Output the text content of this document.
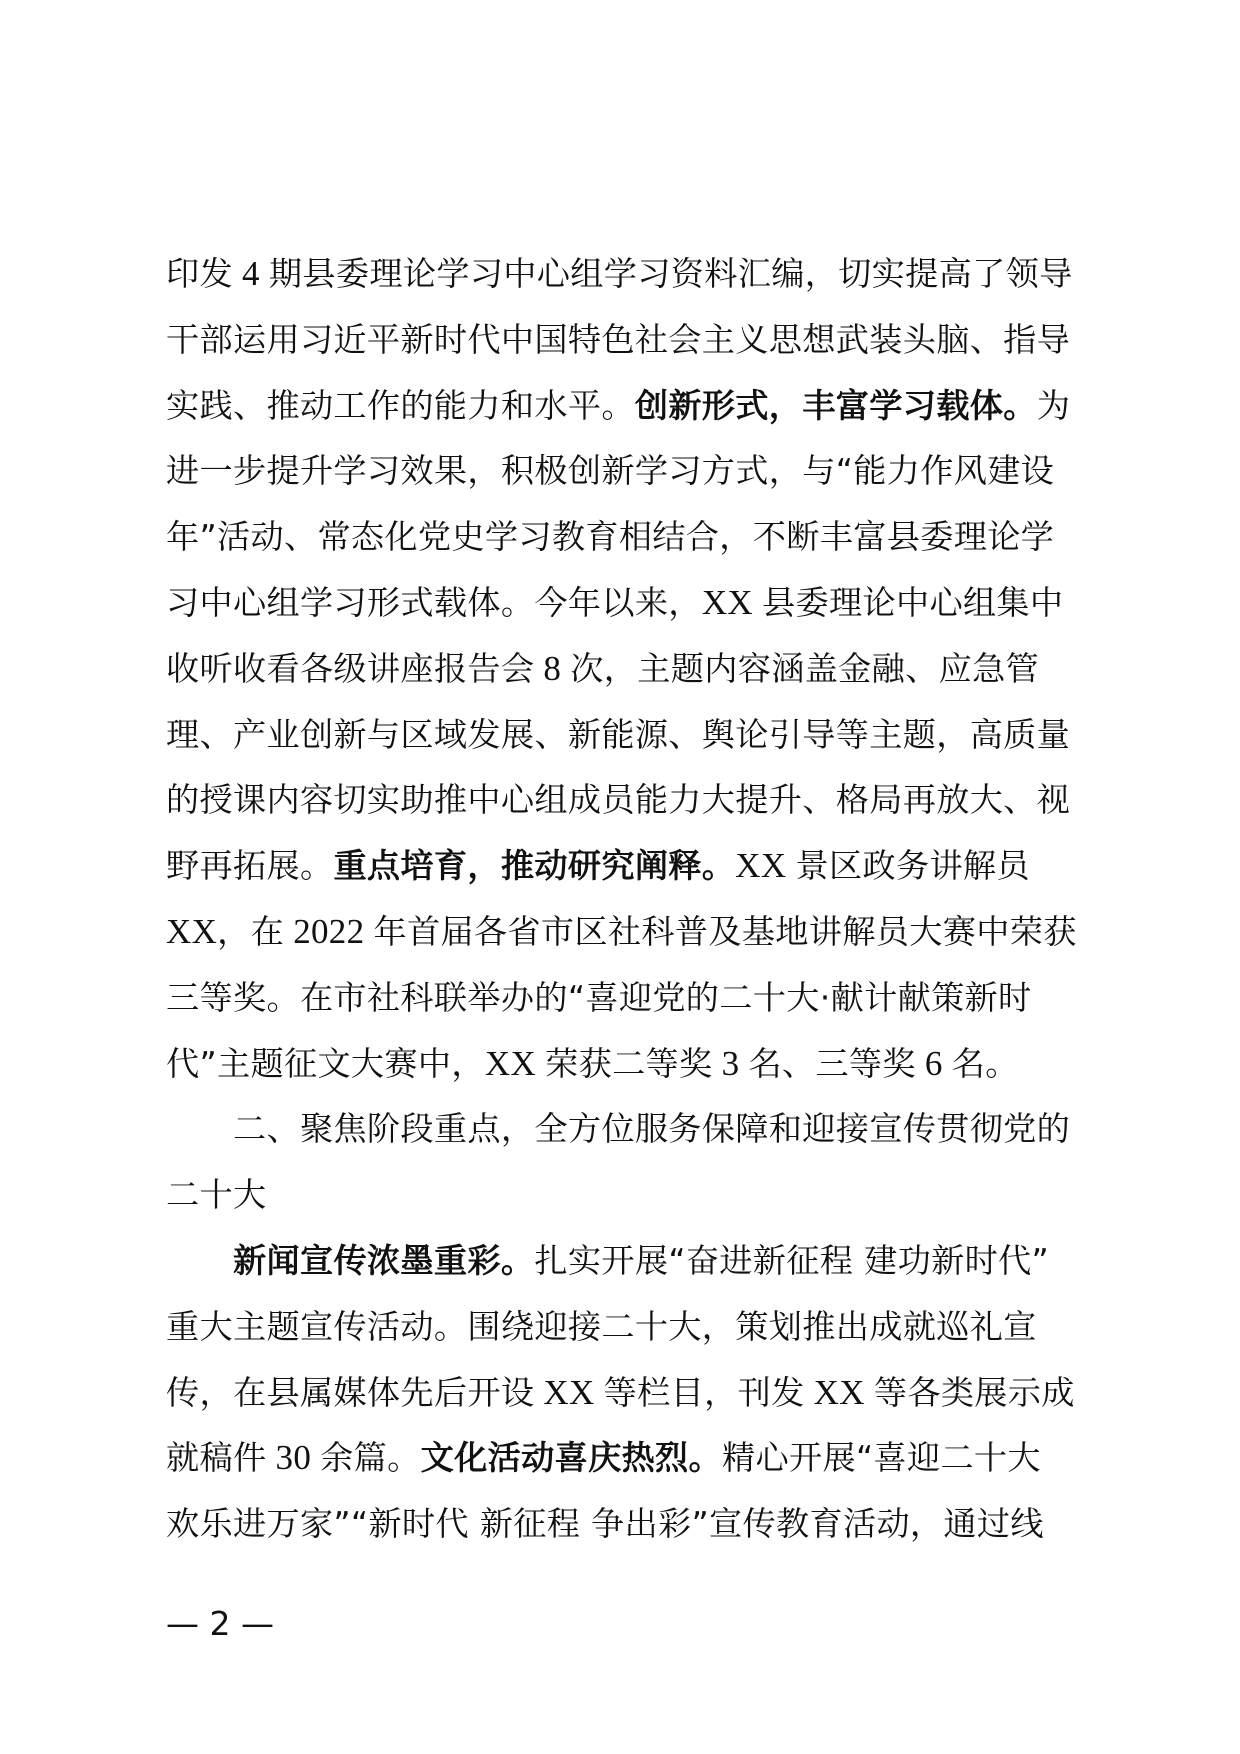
印发 4 期县委理论学习中心组学习资料汇编，切实提高了领导
干部运用习近平新时代中国特色社会主义思想武装头脑、指导
实践、推动工作的能力和水平。创新形式，丰富学习载体。为
进一步提升学习效果，积极创新学习方式，与“能力作风建设
年”活动、常态化党史学习教育相结合，不断丰富县委理论学
习中心组学习形式载体。今年以来，XX 县委理论中心组集中
收听收看各级讲座报告会 8 次，主题内容涵盖金融、应急管
理、产业创新与区域发展、新能源、舆论引导等主题，高质量
的授课内容切实助推中心组成员能力大提升、格局再放大、视
野再拓展。重点培育，推动研究阐释。XX 景区政务讲解员
XX，在 2022 年首届各省市区社科普及基地讲解员大赛中荣获
三等奖。在市社科联举办的“喜迎党的二十大·献计献策新时
代”主题征文大赛中，XX 荣获二等奖 3 名、三等奖 6 名。
　　二、聚焦阶段重点，全方位服务保障和迎接宣传贯彻党的
二十大
　　新闻宣传浓墨重彩。扎实开展“奋进新征程 建功新时代”
重大主题宣传活动。围绕迎接二十大，策划推出成就巡礼宣
传，在县属媒体先后开设 XX 等栏目，刊发 XX 等各类展示成
就稿件 30 余篇。文化活动喜庆热烈。精心开展“喜迎二十大
欢乐进万家”“新时代 新征程 争出彩”宣传教育活动，通过线
— 2 —
